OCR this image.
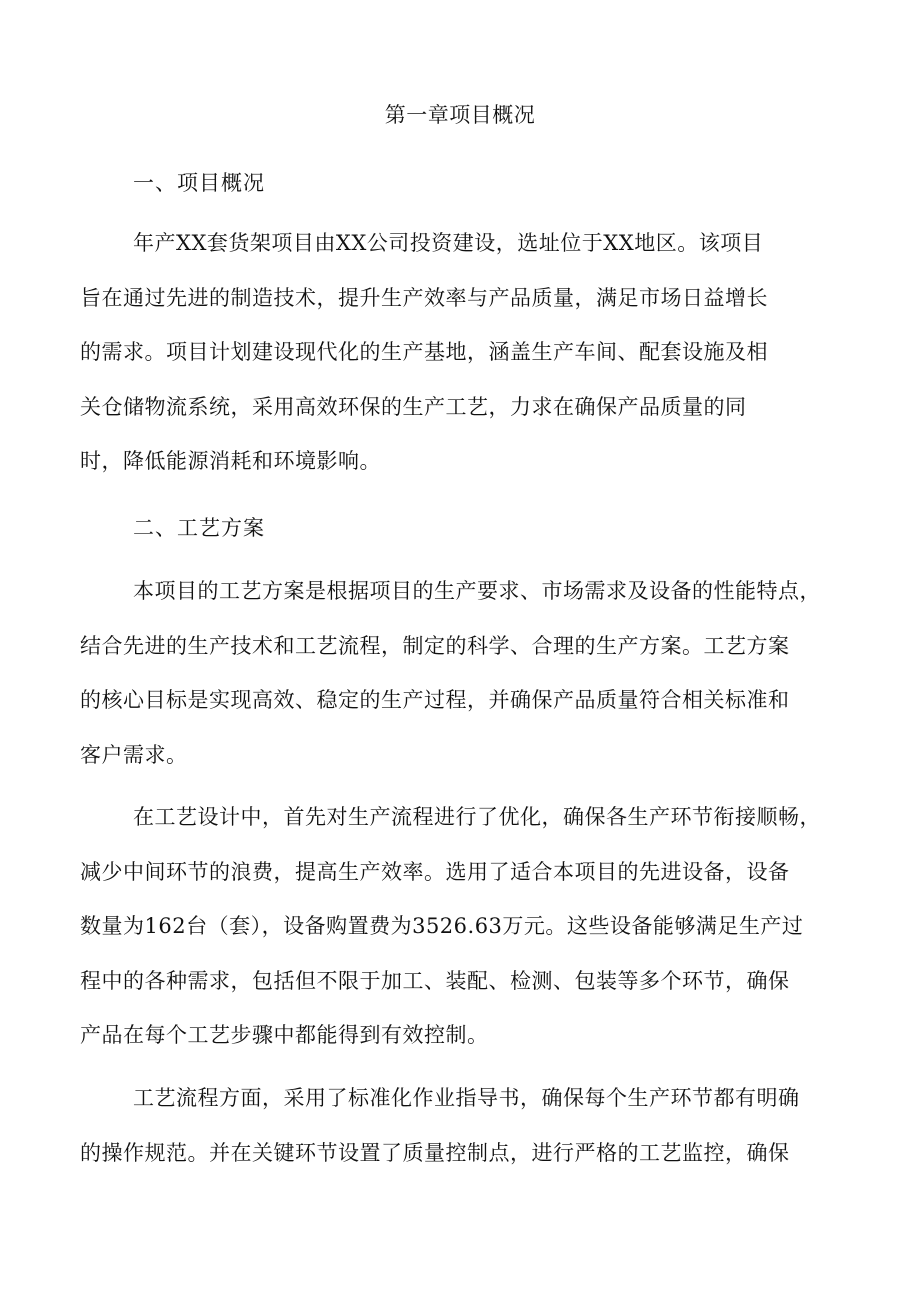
第一章项目概况
一、项目概况
年产XX套货架项目由XX公司投资建设，选址位于XX地区。该项目
旨在通过先进的制造技术，提升生产效率与产品质量，满足市场日益增长
的需求。项目计划建设现代化的生产基地，涵盖生产车间、配套设施及相
关仓储物流系统，采用高效环保的生产工艺，力求在确保产品质量的同
时，降低能源消耗和环境影响。
二、工艺方案
本项目的工艺方案是根据项目的生产要求、市场需求及设备的性能特点，
结合先进的生产技术和工艺流程，制定的科学、合理的生产方案。工艺方案
的核心目标是实现高效、稳定的生产过程，并确保产品质量符合相关标准和
客户需求。
在工艺设计中，首先对生产流程进行了优化，确保各生产环节衔接顺畅，
减少中间环节的浪费，提高生产效率。选用了适合本项目的先进设备，设备
数量为162台（套），设备购置费为3526.63万元。这些设备能够满足生产过
程中的各种需求，包括但不限于加工、装配、检测、包装等多个环节，确保
产品在每个工艺步骤中都能得到有效控制。
工艺流程方面，采用了标准化作业指导书，确保每个生产环节都有明确
的操作规范。并在关键环节设置了质量控制点，进行严格的工艺监控，确保
